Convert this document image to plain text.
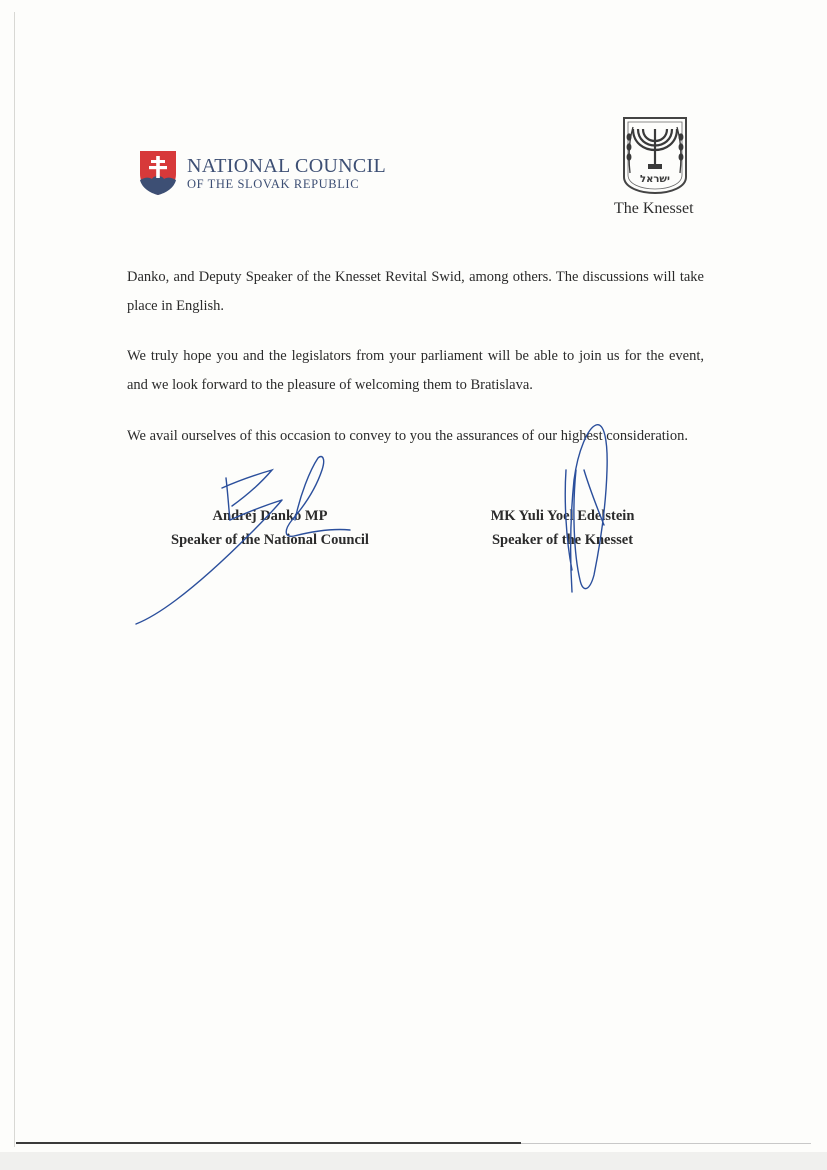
NATIONAL COUNCIL
OF THE SLOVAK REPUBLIC	ישראל
The Knesset

Danko, and Deputy Speaker of the Knesset Revital Swid, among others. The discussions will take place in English.

We truly hope you and the legislators from your parliament will be able to join us for the event, and we look forward to the pleasure of welcoming them to Bratislava.

We avail ourselves of this occasion to convey to you the assurances of our highest consideration.

Andrej Danko MP
Speaker of the National Council
MK Yuli Yoel Edelstein
Speaker of the Knesset
